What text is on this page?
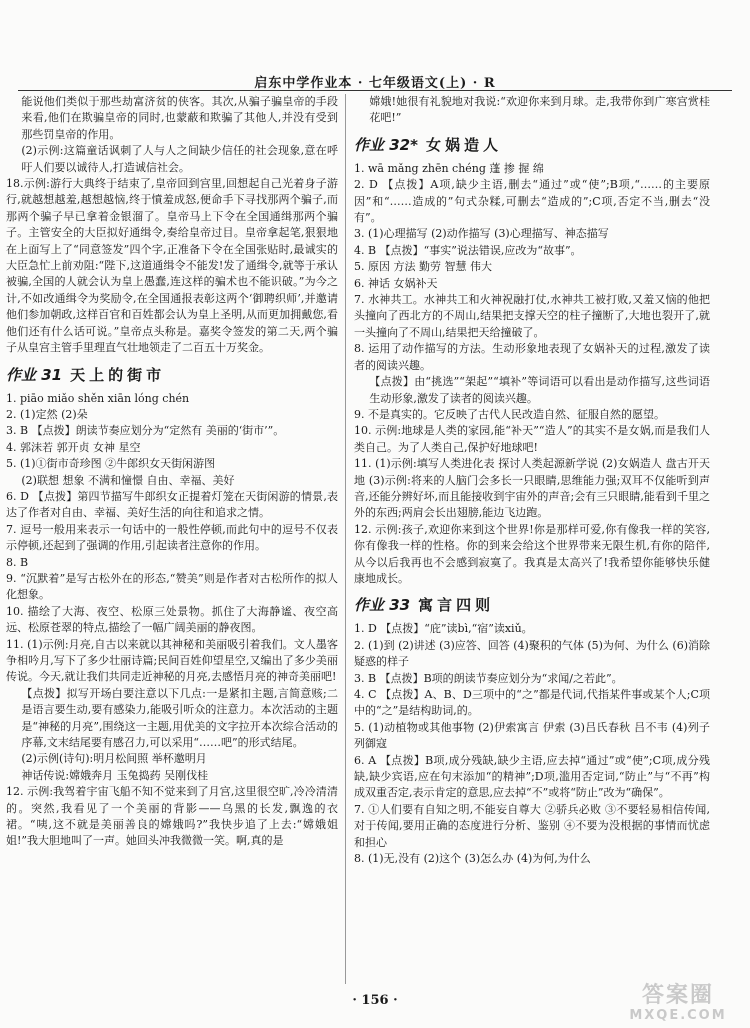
启东中学作业本 · 七年级语文(上) · R

能说他们类似于那些劫富济贫的侠客。其次,从骗子骗皇帝的手段来看,他们在欺骗皇帝的同时,也蒙蔽和欺骗了其他人,并没有受到那些罚皇帝的作用。

(2)示例:这篇童话讽刺了人与人之间缺少信任的社会现象,意在呼吁人们要以诚待人,打造诚信社会。

18.示例:游行大典终于结束了,皇帝回到宫里,回想起自己光着身子游行,就越想越羞,越想越恼,终于憤羞成怒,便命手下寻找那两个骗子,而那两个骗子早已拿着金银溜了。皇帝马上下令在全国通缉那两个骗子。主管安全的大臣拟好通缉令,奏给皇帝过目。皇帝拿起笔,狠狠地在上面写上了“同意签发”四个字,正准备下令在全国张贴时,最诚实的大臣急忙上前劝阻:“陛下,这道通缉令不能发!发了通缉令,就等于承认被骗,全国的人就会认为皇上愚蠢,连这样的骗术也不能识破。”为今之计,不如改通缉令为奖励令,在全国通报表彰这两个‘御聘织师’,并邀请他们参加朝政,这样百官和百姓都会认为皇上圣明,从而更加拥戴您,看他们还有什么话可说。”皇帝点头称是。嘉奖令签发的第二天,两个骗子从皇宫主管手里理直气壮地领走了二百五十万奖金。

作业 31 天上的街市

1. piāo miǎo shěn xiān lóng chén

2. (1)定然 (2)朵

3. B 【点拨】朗读节奏应划分为“定然有 美丽的‘街市’”。

4. 郭沫若 郭开贞 女神 星空

5. (1)①街市奇珍图 ②牛郎织女天街闲游图

(2)联想 想象 不满和憧憬 自由、幸福、美好

6. D 【点拨】第四节描写牛郎织女正提着灯笼在天街闲游的情景,表达了作者对自由、幸福、美好生活的向往和追求之情。

7. 逗号一般用来表示一句话中的一般性停顿,而此句中的逗号不仅表示停顿,还起到了强调的作用,引起读者注意你的作用。

8. B

9. “沉默着”是写古松外在的形态,“赞美”则是作者对古松所作的拟人化想象。

10. 描绘了大海、夜空、松原三处景物。抓住了大海静谧、夜空高远、松原苍翠的特点,描绘了一幅广阔美丽的静夜图。

11. (1)示例:月亮,自古以来就以其神秘和美丽吸引着我们。文人墨客争相吟月,写下了多少壮丽诗篇;民间百姓仰望星空,又编出了多少美丽传说。今天,就让我们共同走近神秘的月亮,去感悟月亮的神奇美丽吧!

【点拨】拟写开场白要注意以下几点:一是紧扣主题,言简意赅;二是语言要生动,要有感染力,能吸引听众的注意力。本次活动的主题是“神秘的月亮”,围绕这一主题,用优美的文字拉开本次综合活动的序幕,文末结尾要有感召力,可以采用“……吧”的形式结尾。

(2)示例(诗句):明月松间照 举杯邀明月

神话传说:嫦娥奔月 玉兔捣药 吴刚伐桂

12. 示例:我驾着宇宙飞船不知不觉来到了月宫,这里很空旷,冷冷清清的。突然,我看见了一个美丽的背影——乌黑的长发,飘逸的衣裙。“咦,这不就是美丽善良的嫦娥吗?”我快步追了上去:“嫦娥姐姐!”我大胆地叫了一声。她回头冲我微微一笑。啊,真的是

嫦娥!她很有礼貌地对我说:“欢迎你来到月球。走,我带你到广寒宫赏桂花吧!”

作业 32* 女娲造人

1. wā mǎng zhēn chéng 蓬 掺 握 绵

2. D 【点拨】A项,缺少主语,删去“通过”或“使”;B项,“……的主要原因”和“……造成的”句式杂糅,可删去“造成的”;C项,否定不当,删去“没有”。

3. (1)心理描写 (2)动作描写 (3)心理描写、神态描写

4. B 【点拨】“事实”说法错误,应改为“故事”。

5. 原因 方法 勤劳 智慧 伟大

6. 神话 女娲补天

7. 水神共工。水神共工和火神祝融打仗,水神共工被打败,又羞又恼的他把头撞向了西北方的不周山,结果把支撑天空的柱子撞断了,大地也裂开了,就一头撞向了不周山,结果把天给撞破了。

8. 运用了动作描写的方法。生动形象地表现了女娲补天的过程,激发了读者的阅读兴趣。

【点拨】由“挑选”“架起”“填补”等词语可以看出是动作描写,这些词语生动形象,激发了读者的阅读兴趣。

9. 不是真实的。它反映了古代人民改造自然、征服自然的愿望。

10. 示例:地球是人类的家园,能“补天”“造人”的其实不是女娲,而是我们人类自己。为了人类自己,保护好地球吧!

11. (1)示例:填写人类进化表 探讨人类起源新学说 (2)女娲造人 盘古开天地 (3)示例:将来的人脑门会多长一只眼睛,思维能力强;双耳不仅能听到声音,还能分辨好坏,而且能接收到宇宙外的声音;会有三只眼睛,能看到千里之外的东西;两肩会长出翅膀,能边飞边跑。

12. 示例:孩子,欢迎你来到这个世界!你是那样可爱,你有像我一样的笑容,你有像我一样的性格。你的到来会给这个世界带来无限生机,有你的陪伴,从今以后我再也不会感到寂寞了。我真是太高兴了!我希望你能够快乐健康地成长。

作业 33 寓言四则

1. D 【点拨】“庇”读bì,“宿”读xiǔ。

2. (1)到 (2)讲述 (3)应答、回答 (4)聚积的气体 (5)为何、为什么 (6)消除疑惑的样子

3. B 【点拨】B项的朗读节奏应划分为“求闻/之若此”。

4. C 【点拨】A、B、D三项中的“之”都是代词,代指某件事或某个人;C项中的“之”是结构助词,的。

5. (1)动植物或其他事物 (2)伊索寓言 伊索 (3)吕氏春秋 吕不韦 (4)列子 列御寇

6. A 【点拨】B项,成分残缺,缺少主语,应去掉“通过”或“使”;C项,成分残缺,缺少宾语,应在句末添加“的精神”;D项,滥用否定词,“防止”与“不再”构成双重否定,表示肯定的意思,应去掉“不”或将“防止”改为“确保”。

7. ①人们要有自知之明,不能妄自尊大 ②骄兵必败 ③不要轻易相信传闻,对于传闻,要用正确的态度进行分析、鉴别 ④不要为没根据的事情而忧虑和担心

8. (1)无,没有 (2)这个 (3)怎么办 (4)为何,为什么

· 156 ·	答案圈
MXQE.COM
